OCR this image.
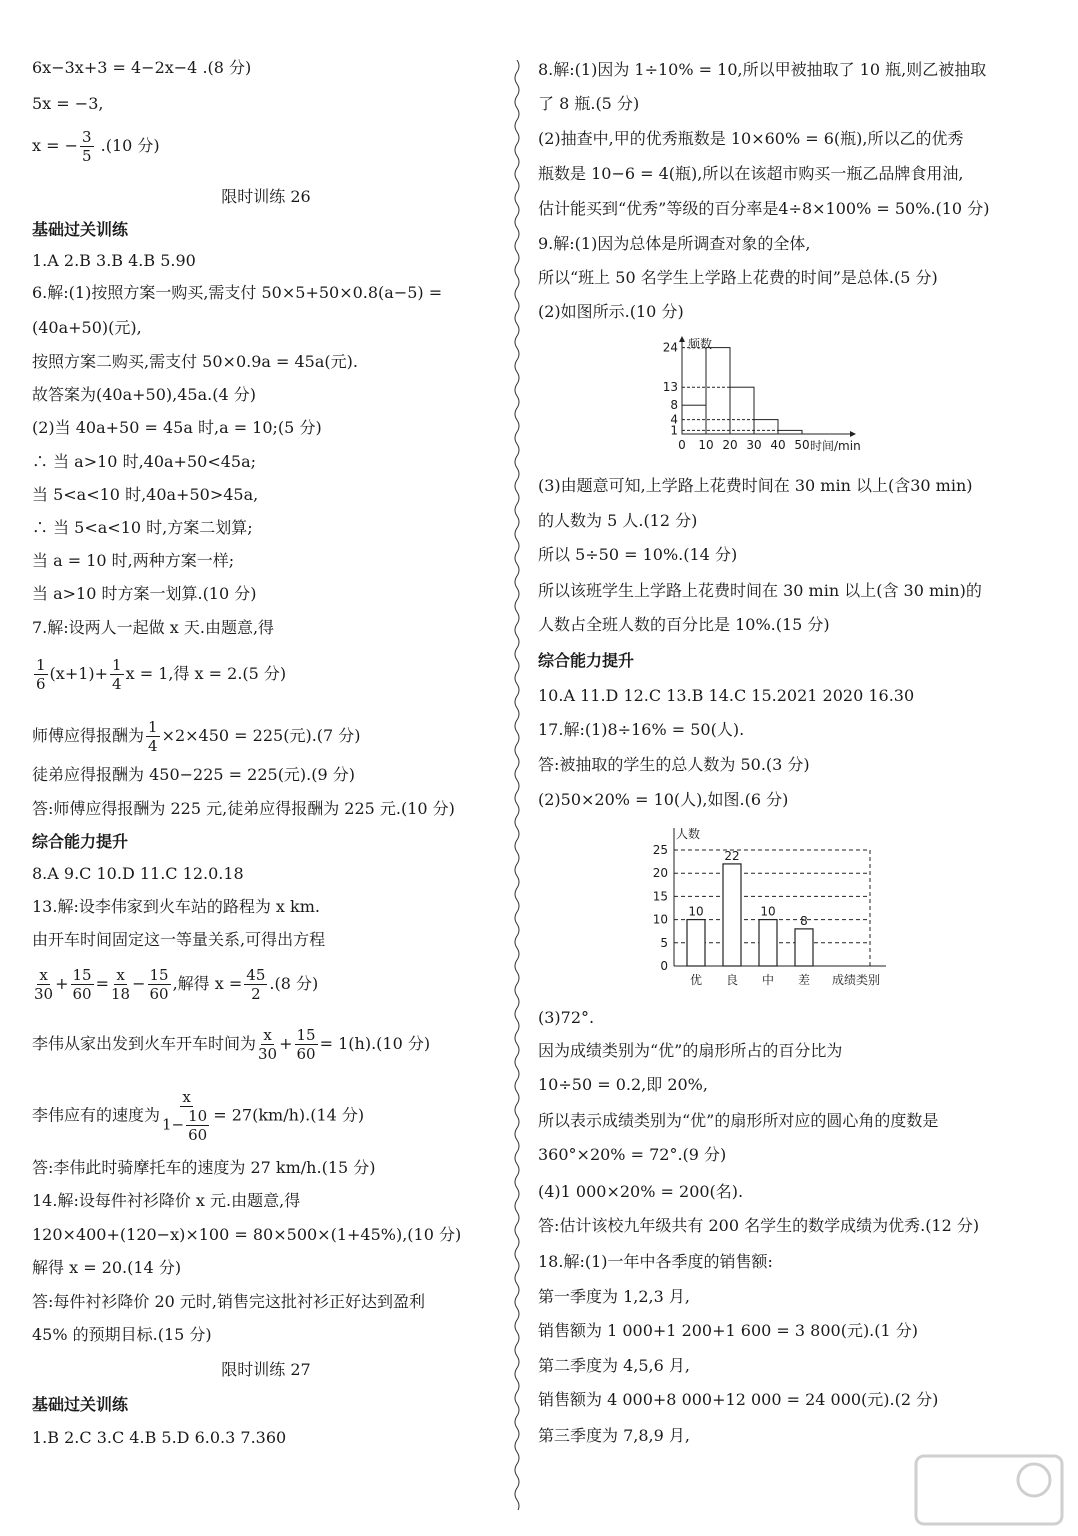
6x−3x+3 = 4−2x−4 .(8 分)
5x = −3,
x = − $\frac{3}{5} .(10$ 分)
限时训练 26
基础过关训练
1.A 2.B 3.B 4.B 5.90
6.解:(1)按照方案一购买,需支付 50×5+50×0.8(a−5) =
(40a+50)(元),
按照方案二购买,需支付 50×0.9a = 45a(元).
故答案为(40a+50),45a.(4 分)
(2)当 40a+50 = 45a 时,a = 10;(5 分)
∴ 当 a>10 时,40a+50<45a;
当 5<a<10 时,40a+50>45a,
∴ 当 5<a<10 时,方案二划算;
当 a = 10 时,两种方案一样;
当 a>10 时方案一划算.(10 分)
7.解:设两人一起做 x 天.由题意,得
$\frac{1}{6} (x+1)+ \frac{1}{4}$ x = 1,得 x = 2.(5 分)
师傅应得报酬为 $\frac{1}{4} \times 2\times 450 = 225$(元).(7 分)
徒弟应得报酬为 450−225 = 225(元).(9 分)
答:师傅应得报酬为 225 元,徒弟应得报酬为 225 元.(10 分)
综合能力提升
8.A 9.C 10.D 11.C 12.0.18
13.解:设李伟家到火车站的路程为 x km.
由开车时间固定这一等量关系,可得出方程
$\frac{x}{30} + \frac{15}{60} = \frac{x}{18} - \frac{15}{60}$ ,解得 $x = \frac{45}{2} .(8$ 分)
李伟从家出发到火车开车时间为 $\frac{x}{30} + \frac{15}{60} = 1(h).(10$ 分)
李伟应有的速度为 $\frac{x}{1- \frac{10}{60}} = 27(km/h).(14$ 分)
答:李伟此时骑摩托车的速度为 27 km/h.(15 分)
14.解:设每件衬衫降价 x 元.由题意,得
120×400+(120−x)×100 = 80×500×(1+45%),(10 分)
解得 x = 20.(14 分)
答:每件衬衫降价 20 元时,销售完这批衬衫正好达到盈利
45% 的预期目标.(15 分)
限时训练 27
基础过关训练
1.B 2.C 3.C 4.B 5.D 6.0.3 7.360
8.解:(1)因为 1÷10% = 10,所以甲被抽取了 10 瓶,则乙被抽取
了 8 瓶.(5 分)
(2)抽查中,甲的优秀瓶数是 10×60% = 6(瓶),所以乙的优秀
瓶数是 10−6 = 4(瓶),所以在该超市购买一瓶乙品牌食用油,
估计能买到“优秀”等级的百分率是4÷8×100% = 50%.(10 分)
9.解:(1)因为总体是所调查对象的全体,
所以“班上 50 名学生上学路上花费的时间”是总体.(5 分)
(2)如图所示.(10 分)
频数
时间/min
1
4
8
13
24
0 10 20 30 40 50
(3)由题意可知,上学路上花费时间在 30 min 以上(含30 min)
的人数为 5 人.(12 分)
所以 5÷50 = 10%.(14 分)
所以该班学生上学路上花费时间在 30 min 以上(含 30 min)的
人数占全班人数的百分比是 10%.(15 分)
综合能力提升
10.A 11.D 12.C 13.B 14.C 15.2021 2020 16.30
17.解:(1)8÷16% = 50(人).
答:被抽取的学生的总人数为 50.(3 分)
(2)50×20% = 10(人),如图.(6 分)
0
5
10
15
20
25
人数
成绩类别
10
优
22
良
10
中
8
差
(3)72°.
因为成绩类别为“优”的扇形所占的百分比为
10÷50 = 0.2,即 20%,
所以表示成绩类别为“优”的扇形所对应的圆心角的度数是
360°×20% = 72°.(9 分)
(4)1 000×20% = 200(名).
答:估计该校九年级共有 200 名学生的数学成绩为优秀.(12 分)
18.解:(1)一年中各季度的销售额:
第一季度为 1,2,3 月,
销售额为 1 000+1 200+1 600 = 3 800(元).(1 分)
第二季度为 4,5,6 月,
销售额为 4 000+8 000+12 000 = 24 000(元).(2 分)
第三季度为 7,8,9 月,
